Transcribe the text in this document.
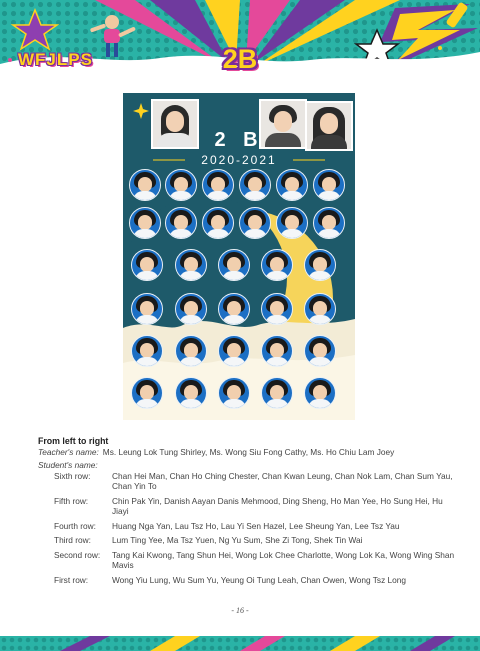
WFJLPS	2B
2 B
2020-2021
From left to right
Teacher's name: Ms. Leung Lok Tung Shirley, Ms. Wong Siu Fong Cathy, Ms. Ho Chiu Lam Joey
Student's name:
Sixth row:	Chan Hei Man, Chan Ho Ching Chester, Chan Kwan Leung, Chan Nok Lam, Chan Sum Yau, Chan Yin To
Fifth row:	Chin Pak Yin, Danish Aayan Danis Mehmood, Ding Sheng, Ho Man Yee, Ho Sung Hei, Hu Jiayi
Fourth row:	Huang Nga Yan, Lau Tsz Ho, Lau Yi Sen Hazel, Lee Sheung Yan, Lee Tsz Yau
Third row:	Lum Ting Yee, Ma Tsz Yuen, Ng Yu Sum, She Zi Tong, Shek Tin Wai
Second row:	Tang Kai Kwong, Tang Shun Hei, Wong Lok Chee Charlotte, Wong Lok Ka, Wong Wing Shan Mavis
First row:	Wong Yiu Lung, Wu Sum Yu, Yeung Oi Tung Leah, Chan Owen, Wong Tsz Long
- 16 -
